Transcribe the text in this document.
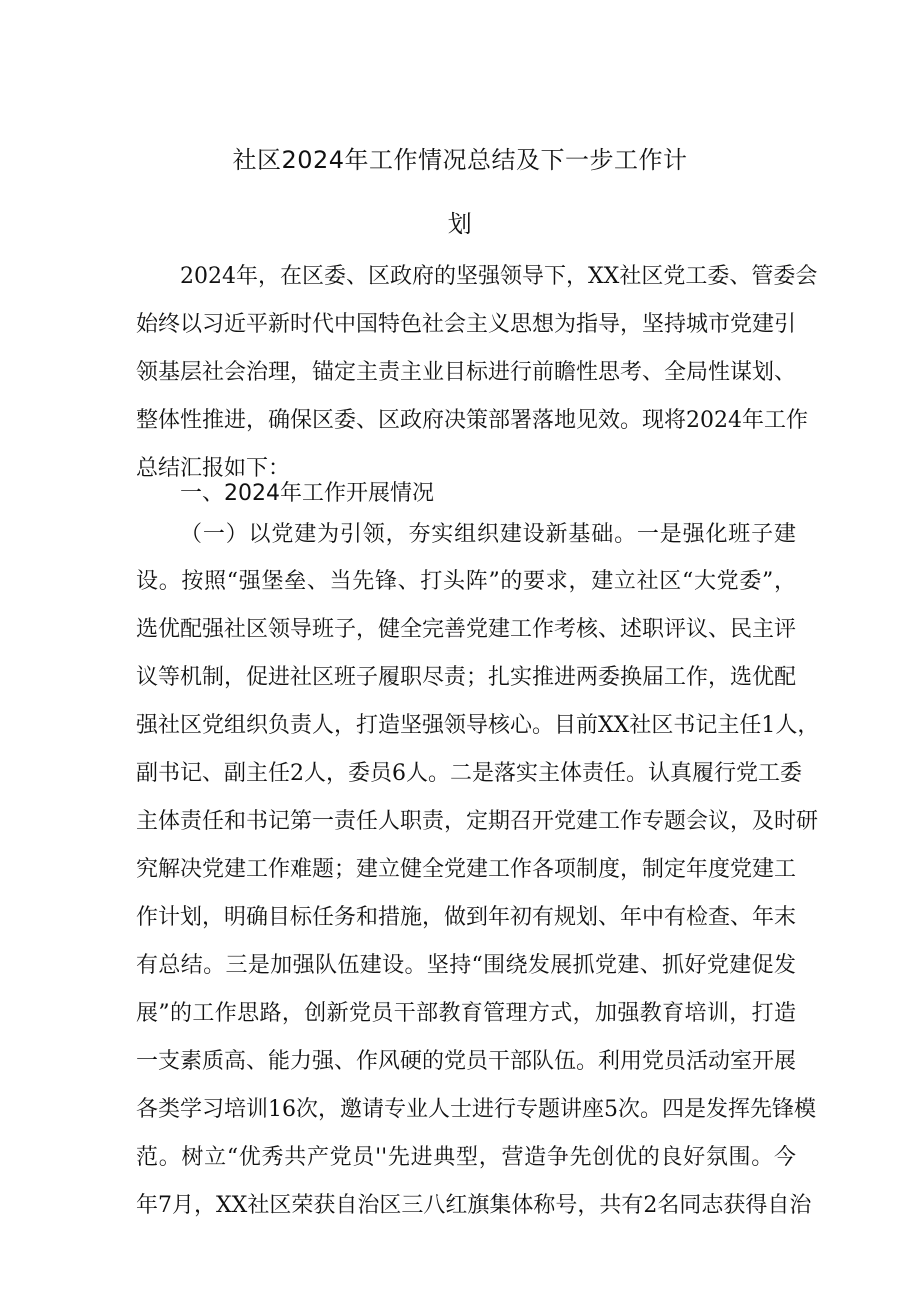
社区2024年工作情况总结及下一步工作计
划
2024年，在区委、区政府的坚强领导下，XX社区党工委、管委会
始终以习近平新时代中国特色社会主义思想为指导，坚持城市党建引
领基层社会治理，锚定主责主业目标进行前瞻性思考、全局性谋划、
整体性推进，确保区委、区政府决策部署落地见效。现将2024年工作
总结汇报如下：
一、2024年工作开展情况
（一）以党建为引领，夯实组织建设新基础。一是强化班子建
设。按照“强堡垒、当先锋、打头阵”的要求，建立社区“大党委”，
选优配强社区领导班子，健全完善党建工作考核、述职评议、民主评
议等机制，促进社区班子履职尽责；扎实推进两委换届工作，选优配
强社区党组织负责人，打造坚强领导核心。目前XX社区书记主任1人，
副书记、副主任2人，委员6人。二是落实主体责任。认真履行党工委
主体责任和书记第一责任人职责，定期召开党建工作专题会议，及时研
究解决党建工作难题；建立健全党建工作各项制度，制定年度党建工
作计划，明确目标任务和措施，做到年初有规划、年中有检查、年末
有总结。三是加强队伍建设。坚持“围绕发展抓党建、抓好党建促发
展”的工作思路，创新党员干部教育管理方式，加强教育培训，打造
一支素质高、能力强、作风硬的党员干部队伍。利用党员活动室开展
各类学习培训16次，邀请专业人士进行专题讲座5次。四是发挥先锋模
范。树立“优秀共产党员''先进典型，营造争先创优的良好氛围。今
年7月，XX社区荣获自治区三八红旗集体称号，共有2名同志获得自治
